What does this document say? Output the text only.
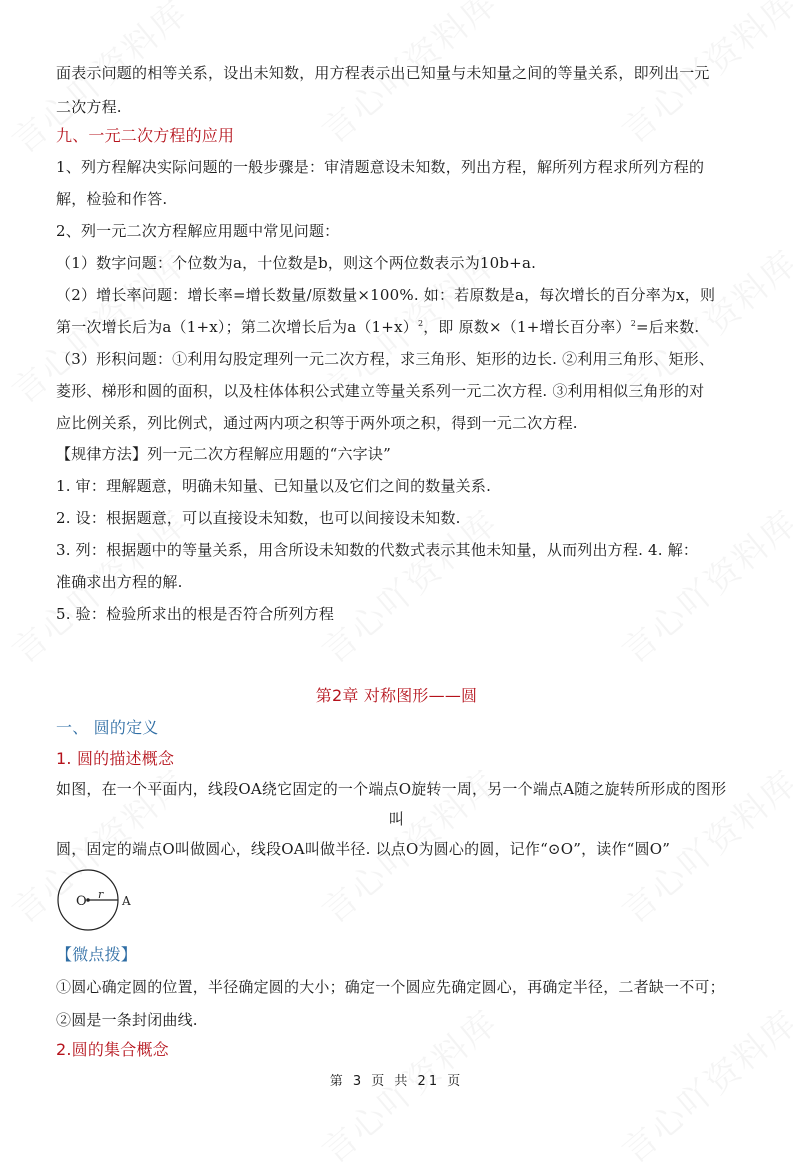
面表示问题的相等关系，设出未知数，用方程表示出已知量与未知量之间的等量关系，即列出一元
二次方程.
九、一元二次方程的应用
1、列方程解决实际问题的一般步骤是：审清题意设未知数，列出方程，解所列方程求所列方程的
解，检验和作答.
2、列一元二次方程解应用题中常见问题：
（1）数字问题：个位数为a，十位数是b，则这个两位数表示为10b+a.
（2）增长率问题：增长率=增长数量/原数量×100%. 如：若原数是a，每次增长的百分率为x，则
第一次增长后为a（1+x）；第二次增长后为$a(1+x)^2$，即 原数×（1+增长百分率）$^2$=后来数.
（3）形积问题：①利用勾股定理列一元二次方程，求三角形、矩形的边长. ②利用三角形、矩形、
菱形、梯形和圆的面积，以及柱体体积公式建立等量关系列一元二次方程. ③利用相似三角形的对
应比例关系，列比例式，通过两内项之积等于两外项之积，得到一元二次方程.
【规律方法】列一元二次方程解应用题的“六字诀”
1. 审：理解题意，明确未知量、已知量以及它们之间的数量关系.
2. 设：根据题意，可以直接设未知数，也可以间接设未知数.
3. 列：根据题中的等量关系，用含所设未知数的代数式表示其他未知量，从而列出方程. 4. 解：
准确求出方程的解.
5. 验：检验所求出的根是否符合所列方程
第2章 对称图形——圆
一、 圆的定义
1. 圆的描述概念
如图，在一个平面内，线段OA绕它固定的一个端点O旋转一周，另一个端点A随之旋转所形成的图形
叫
圆，固定的端点O叫做圆心，线段OA叫做半径. 以点O为圆心的圆，记作“⊙O”，读作“圆O”
O r A
【微点拨】
①圆心确定圆的位置，半径确定圆的大小；确定一个圆应先确定圆心，再确定半径，二者缺一不可；
②圆是一条封闭曲线.
2.圆的集合概念
第 3 页 共 21 页
